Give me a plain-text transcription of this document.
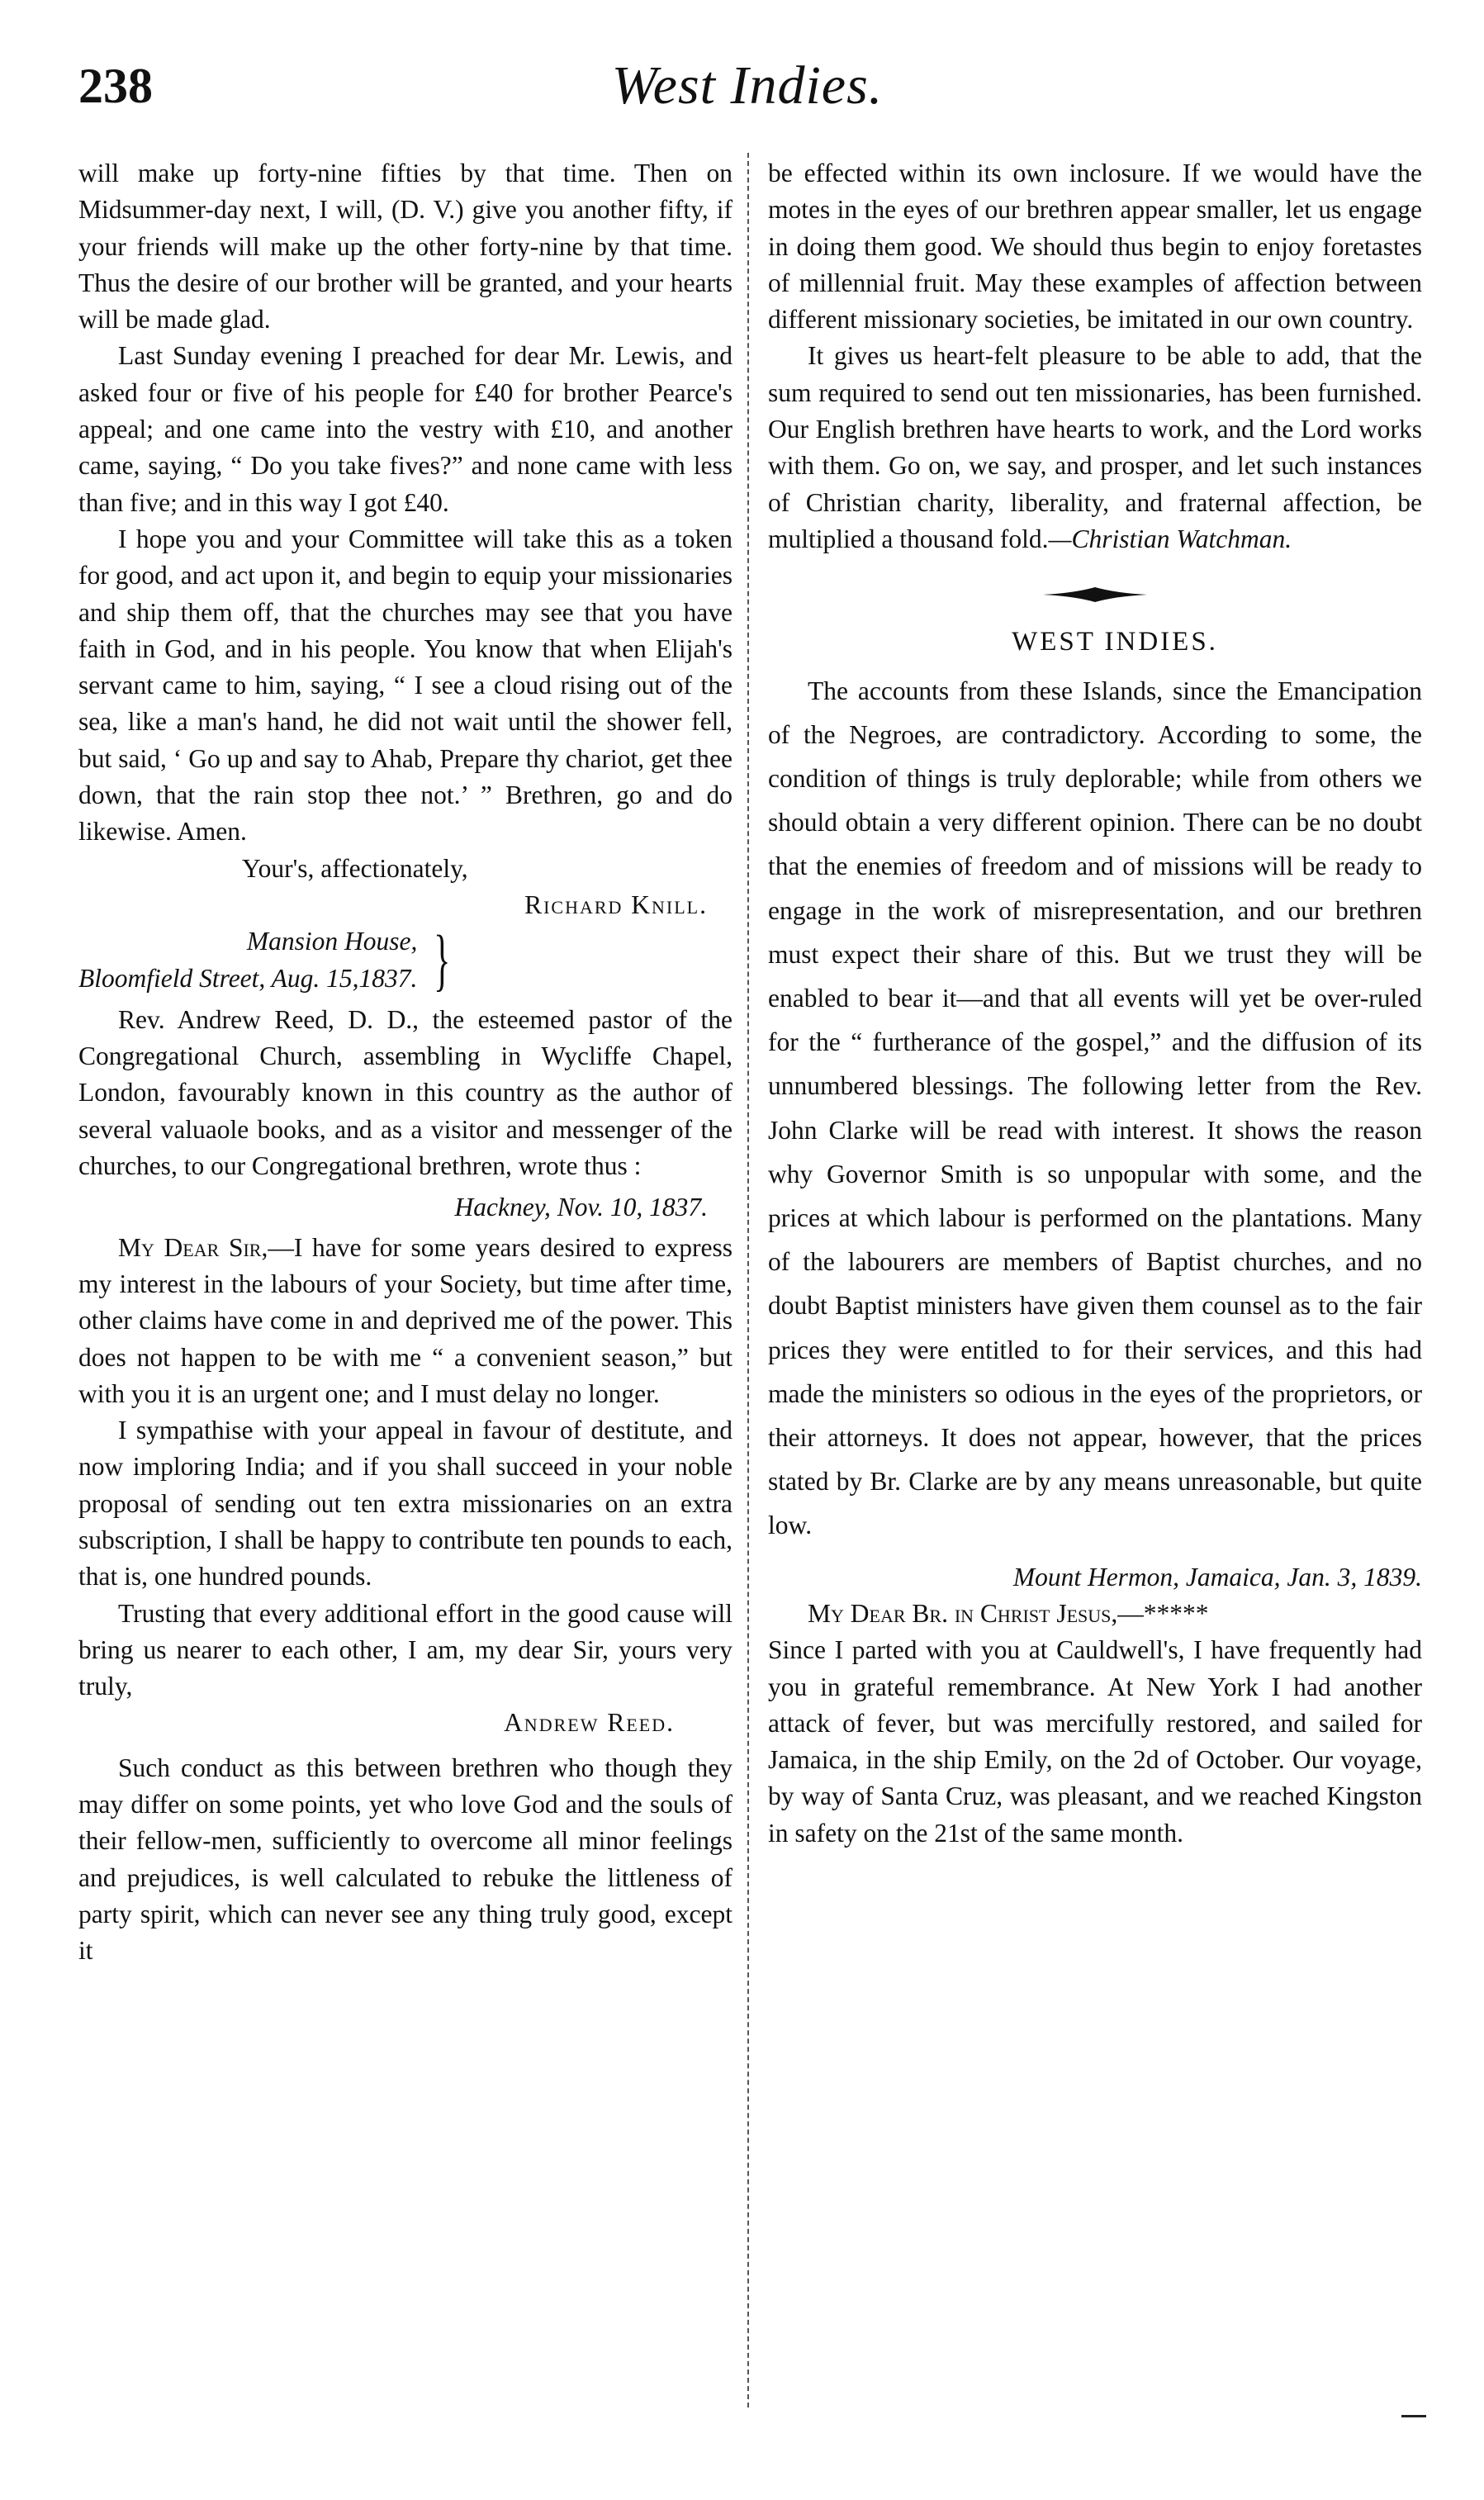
238	West Indies.

will make up forty-nine fifties by that time. Then on Midsummer-day next, I will, (D. V.) give you another fifty, if your friends will make up the other forty-nine by that time. Thus the desire of our brother will be granted, and your hearts will be made glad.

Last Sunday evening I preached for dear Mr. Lewis, and asked four or five of his people for £40 for brother Pearce's appeal; and one came into the vestry with £10, and another came, saying, “ Do you take fives?” and none came with less than five; and in this way I got £40.

I hope you and your Committee will take this as a token for good, and act upon it, and begin to equip your missionaries and ship them off, that the churches may see that you have faith in God, and in his people. You know that when Elijah's servant came to him, saying, “ I see a cloud rising out of the sea, like a man's hand, he did not wait until the shower fell, but said, ‘ Go up and say to Ahab, Prepare thy chariot, get thee down, that the rain stop thee not.’ ” Brethren, go and do likewise. Amen.

Your's, affectionately,

Richard Knill.

Mansion House,
Bloomfield Street, Aug. 15,1837. }

Rev. Andrew Reed, D. D., the esteemed pastor of the Congregational Church, assembling in Wycliffe Chapel, London, favourably known in this country as the author of several valuaole books, and as a visitor and messenger of the churches, to our Congregational brethren, wrote thus :

Hackney, Nov. 10, 1837.

My Dear Sir,—I have for some years desired to express my interest in the labours of your Society, but time after time, other claims have come in and deprived me of the power. This does not happen to be with me “ a convenient season,” but with you it is an urgent one; and I must delay no longer.

I sympathise with your appeal in favour of destitute, and now imploring India; and if you shall succeed in your noble proposal of sending out ten extra missionaries on an extra subscription, I shall be happy to contribute ten pounds to each, that is, one hundred pounds.

Trusting that every additional effort in the good cause will bring us nearer to each other, I am, my dear Sir, yours very truly,

Andrew Reed.

Such conduct as this between brethren who though they may differ on some points, yet who love God and the souls of their fellow-men, sufficiently to overcome all minor feelings and prejudices, is well calculated to rebuke the littleness of party spirit, which can never see any thing truly good, except it

be effected within its own inclosure. If we would have the motes in the eyes of our brethren appear smaller, let us engage in doing them good. We should thus begin to enjoy foretastes of millennial fruit. May these examples of affection between different missionary societies, be imitated in our own country.

It gives us heart-felt pleasure to be able to add, that the sum required to send out ten missionaries, has been furnished. Our English brethren have hearts to work, and the Lord works with them. Go on, we say, and prosper, and let such instances of Christian charity, liberality, and fraternal affection, be multiplied a thousand fold.—Christian Watchman.

WEST INDIES.

The accounts from these Islands, since the Emancipation of the Negroes, are contradictory. According to some, the condition of things is truly deplorable; while from others we should obtain a very different opinion. There can be no doubt that the enemies of freedom and of missions will be ready to engage in the work of misrepresentation, and our brethren must expect their share of this. But we trust they will be enabled to bear it—and that all events will yet be over-ruled for the “ furtherance of the gospel,” and the diffusion of its unnumbered blessings. The following letter from the Rev. John Clarke will be read with interest. It shows the reason why Governor Smith is so unpopular with some, and the prices at which labour is performed on the plantations. Many of the labourers are members of Baptist churches, and no doubt Baptist ministers have given them counsel as to the fair prices they were entitled to for their services, and this had made the ministers so odious in the eyes of the proprietors, or their attorneys. It does not appear, however, that the prices stated by Br. Clarke are by any means unreasonable, but quite low.

Mount Hermon, Jamaica, Jan. 3, 1839.

My Dear Br. in Christ Jesus,—*****

Since I parted with you at Cauldwell's, I have frequently had you in grateful remembrance. At New York I had another attack of fever, but was mercifully restored, and sailed for Jamaica, in the ship Emily, on the 2d of October. Our voyage, by way of Santa Cruz, was pleasant, and we reached Kingston in safety on the 21st of the same month.
